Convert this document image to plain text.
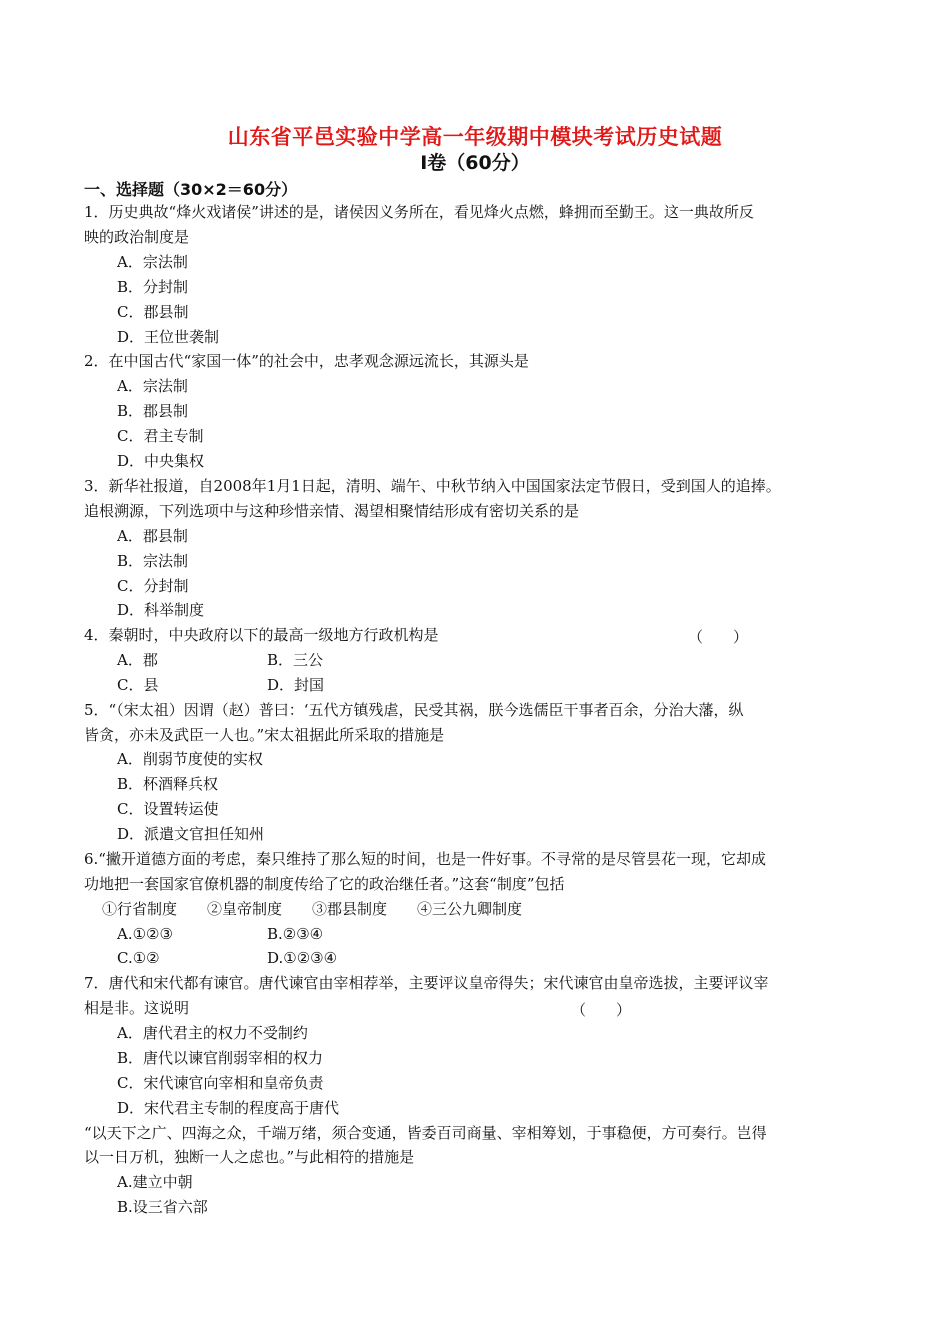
山东省平邑实验中学高一年级期中模块考试历史试题
Ⅰ卷（60分）
一、选择题（30×2＝60分）
1．历史典故“烽火戏诸侯”讲述的是，诸侯因义务所在，看见烽火点燃，蜂拥而至勤王。这一典故所反
映的政治制度是
A．宗法制
B．分封制
C．郡县制
D．王位世袭制
2．在中国古代“家国一体”的社会中，忠孝观念源远流长，其源头是
A．宗法制
B．郡县制
C．君主专制
D．中央集权
3．新华社报道，自2008年1月1日起，清明、端午、中秋节纳入中国国家法定节假日，受到国人的追捧。
追根溯源，下列选项中与这种珍惜亲情、渴望相聚情结形成有密切关系的是
A．郡县制
B．宗法制
C．分封制
D．科举制度
4．秦朝时，中央政府以下的最高一级地方行政机构是	（　　）
A．郡	B．三公
C．县	D．封国
5．“（宋太祖）因谓（赵）普曰：‘五代方镇残虐，民受其祸，朕今选儒臣干事者百余，分治大藩，纵
皆贪，亦未及武臣一人也。”宋太祖据此所采取的措施是
A．削弱节度使的实权
B．杯酒释兵权
C．设置转运使
D．派遣文官担任知州
6.“撇开道德方面的考虑，秦只维持了那么短的时间，也是一件好事。不寻常的是尽管昙花一现，它却成
功地把一套国家官僚机器的制度传给了它的政治继任者。”这套“制度”包括
①行省制度　　②皇帝制度　　③郡县制度　　④三公九卿制度
A.①②③	B.②③④
C.①②	D.①②③④
7．唐代和宋代都有谏官。唐代谏官由宰相荐举，主要评议皇帝得失；宋代谏官由皇帝选拔，主要评议宰
相是非。这说明	（　　）
A．唐代君主的权力不受制约
B．唐代以谏官削弱宰相的权力
C．宋代谏官向宰相和皇帝负责
D．宋代君主专制的程度高于唐代
“以天下之广、四海之众，千端万绪，须合变通，皆委百司商量、宰相筹划，于事稳便，方可奏行。岂得
以一日万机，独断一人之虑也。”与此相符的措施是
A.建立中朝
B.设三省六部
